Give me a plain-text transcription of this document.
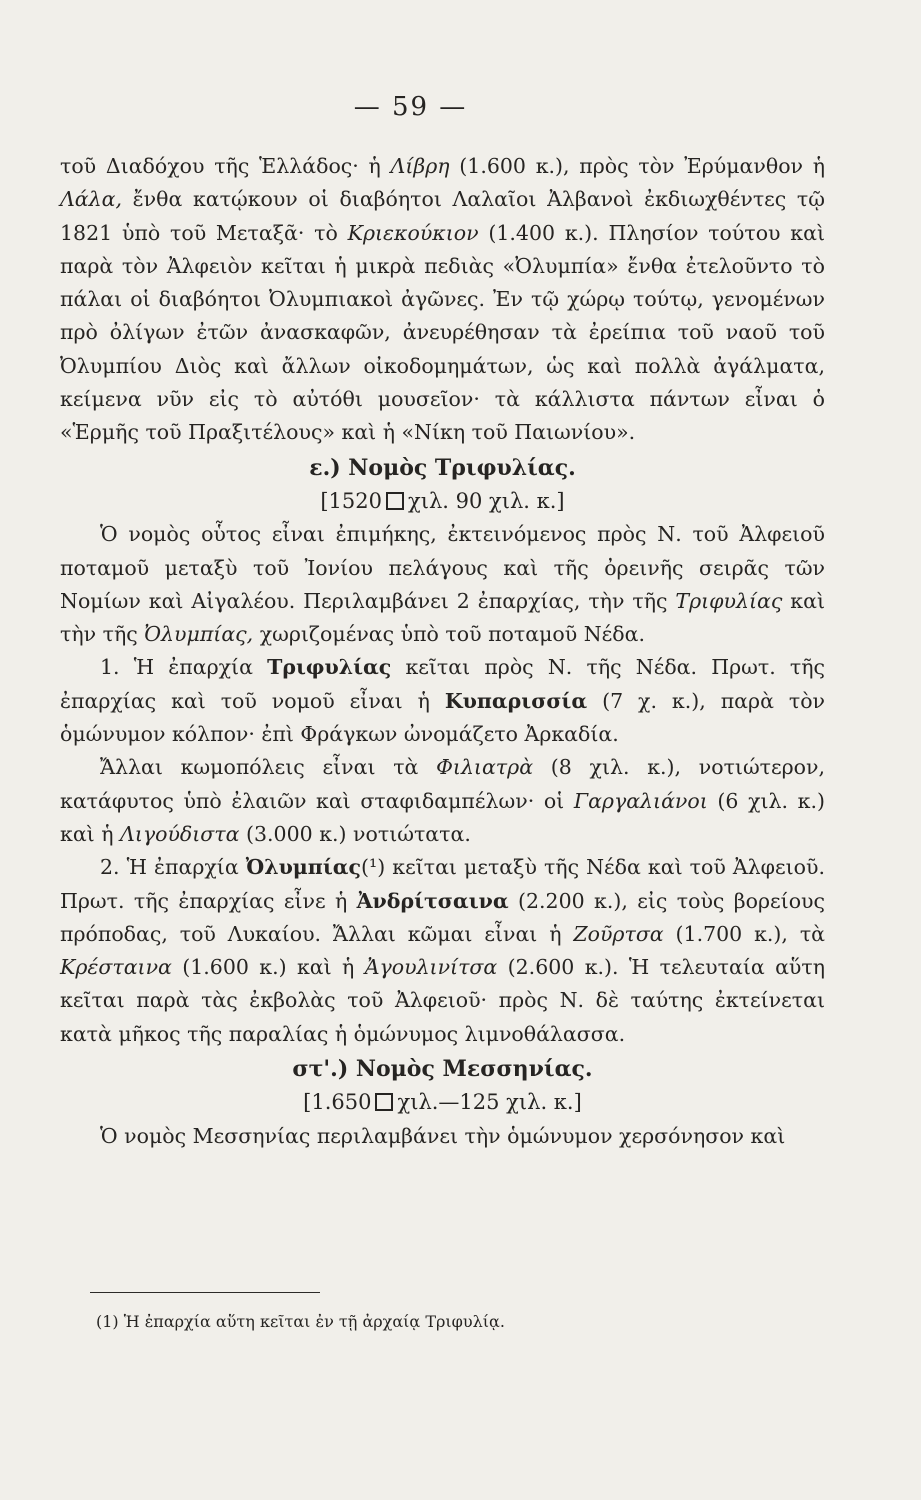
— 59 —

τοῦ Διαδόχου τῆς Ἑλλάδος· ἡ Λίβρη (1.600 κ.), πρὸς τὸν Ἐρύμανθον ἡ Λάλα, ἔνθα κατῴκουν οἱ διαβόητοι Λαλαῖοι Ἀλβανοὶ ἐκδιωχθέντες τῷ 1821 ὑπὸ τοῦ Μεταξᾶ· τὸ Κριεκούκιον (1.400 κ.). Πλησίον τούτου καὶ παρὰ τὸν Ἀλφειὸν κεῖται ἡ μικρὰ πεδιὰς «Ὀλυμπία» ἔνθα ἐτελοῦντο τὸ πάλαι οἱ διαβόητοι Ὀλυμπιακοὶ ἀγῶνες. Ἐν τῷ χώρῳ τούτῳ, γενομένων πρὸ ὀλίγων ἐτῶν ἀνασκαφῶν, ἀνευρέθησαν τὰ ἐρείπια τοῦ ναοῦ τοῦ Ὀλυμπίου Διὸς καὶ ἄλλων οἰκοδομημάτων, ὡς καὶ πολλὰ ἀγάλματα, κείμενα νῦν εἰς τὸ αὐτόθι μουσεῖον· τὰ κάλλιστα πάντων εἶναι ὁ «Ἑρμῆς τοῦ Πραξιτέλους» καὶ ἡ «Νίκη τοῦ Παιωνίου».

ε.) Νομὸς Τριφυλίας.
[1520 χιλ. 90 χιλ. κ.]

Ὁ νομὸς οὗτος εἶναι ἐπιμήκης, ἐκτεινόμενος πρὸς Ν. τοῦ Ἀλφειοῦ ποταμοῦ μεταξὺ τοῦ Ἰονίου πελάγους καὶ τῆς ὀρεινῆς σειρᾶς τῶν Νομίων καὶ Αἰγαλέου. Περιλαμβάνει 2 ἐπαρχίας, τὴν τῆς Τριφυλίας καὶ τὴν τῆς Ὀλυμπίας, χωριζομένας ὑπὸ τοῦ ποταμοῦ Νέδα.

1. Ἡ ἐπαρχία Τριφυλίας κεῖται πρὸς Ν. τῆς Νέδα. Πρωτ. τῆς ἐπαρχίας καὶ τοῦ νομοῦ εἶναι ἡ Κυπαρισσία (7 χ. κ.), παρὰ τὸν ὁμώνυμον κόλπον· ἐπὶ Φράγκων ὠνομάζετο Ἀρκαδία.

Ἄλλαι κωμοπόλεις εἶναι τὰ Φιλιατρὰ (8 χιλ. κ.), νοτιώτερον, κατάφυτος ὑπὸ ἐλαιῶν καὶ σταφιδαμπέλων· οἱ Γαργαλιάνοι (6 χιλ. κ.) καὶ ἡ Λιγούδιστα (3.000 κ.) νοτιώτατα.

2. Ἡ ἐπαρχία Ὀλυμπίας(¹) κεῖται μεταξὺ τῆς Νέδα καὶ τοῦ Ἀλφειοῦ. Πρωτ. τῆς ἐπαρχίας εἶνε ἡ Ἀνδρίτσαινα (2.200 κ.), εἰς τοὺς βορείους πρόποδας, τοῦ Λυκαίου. Ἄλλαι κῶμαι εἶναι ἡ Ζοῦρτσα (1.700 κ.), τὰ Κρέσταινα (1.600 κ.) καὶ ἡ Ἀγουλινίτσα (2.600 κ.). Ἡ τελευταία αὕτη κεῖται παρὰ τὰς ἐκβολὰς τοῦ Ἀλφειοῦ· πρὸς Ν. δὲ ταύτης ἐκτείνεται κατὰ μῆκος τῆς παραλίας ἡ ὁμώνυμος λιμνοθάλασσα.

στ'.) Νομὸς Μεσσηνίας.
[1.650 χιλ.—125 χιλ. κ.]

Ὁ νομὸς Μεσσηνίας περιλαμβάνει τὴν ὁμώνυμον χερσόνησον καὶ

(1) Ἡ ἐπαρχία αὕτη κεῖται ἐν τῇ ἀρχαίᾳ Τριφυλίᾳ.
